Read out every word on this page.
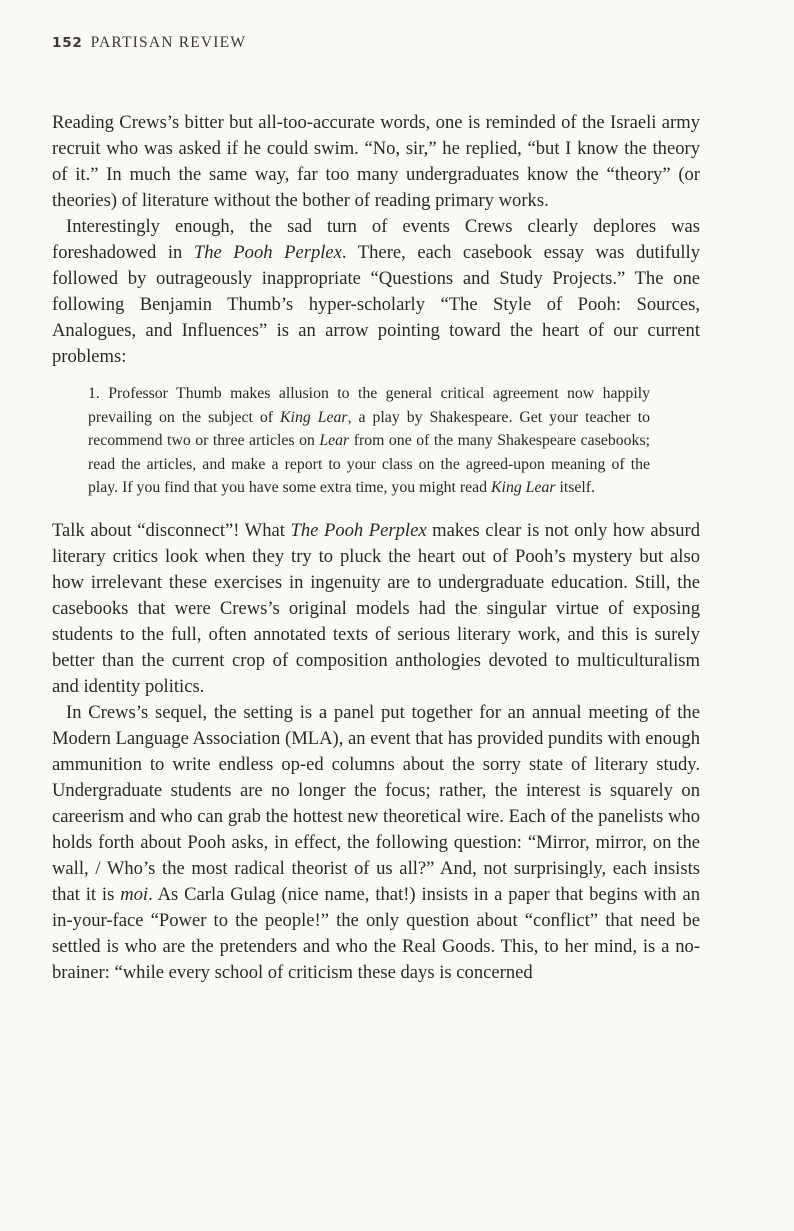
152 PARTISAN REVIEW

Reading Crews’s bitter but all-too-accurate words, one is reminded of the Israeli army recruit who was asked if he could swim. “No, sir,” he replied, “but I know the theory of it.” In much the same way, far too many undergraduates know the “theory” (or theories) of literature without the bother of reading primary works.

Interestingly enough, the sad turn of events Crews clearly deplores was foreshadowed in The Pooh Perplex. There, each casebook essay was dutifully followed by outrageously inappropriate “Questions and Study Projects.” The one following Benjamin Thumb’s hyper-scholarly “The Style of Pooh: Sources, Analogues, and Influences” is an arrow pointing toward the heart of our current problems:

1. Professor Thumb makes allusion to the general critical agreement now happily prevailing on the subject of King Lear, a play by Shakespeare. Get your teacher to recommend two or three articles on Lear from one of the many Shakespeare casebooks; read the articles, and make a report to your class on the agreed-upon meaning of the play. If you find that you have some extra time, you might read King Lear itself.

Talk about “disconnect”! What The Pooh Perplex makes clear is not only how absurd literary critics look when they try to pluck the heart out of Pooh’s mystery but also how irrelevant these exercises in ingenuity are to undergraduate education. Still, the casebooks that were Crews’s original models had the singular virtue of exposing students to the full, often annotated texts of serious literary work, and this is surely better than the current crop of composition anthologies devoted to multiculturalism and identity politics.

In Crews’s sequel, the setting is a panel put together for an annual meeting of the Modern Language Association (MLA), an event that has provided pundits with enough ammunition to write endless op-ed columns about the sorry state of literary study. Undergraduate students are no longer the focus; rather, the interest is squarely on careerism and who can grab the hottest new theoretical wire. Each of the panelists who holds forth about Pooh asks, in effect, the following question: “Mirror, mirror, on the wall, / Who’s the most radical theorist of us all?” And, not surprisingly, each insists that it is moi. As Carla Gulag (nice name, that!) insists in a paper that begins with an in-your-face “Power to the people!” the only question about “conflict” that need be settled is who are the pretenders and who the Real Goods. This, to her mind, is a no-brainer: “while every school of criticism these days is concerned
